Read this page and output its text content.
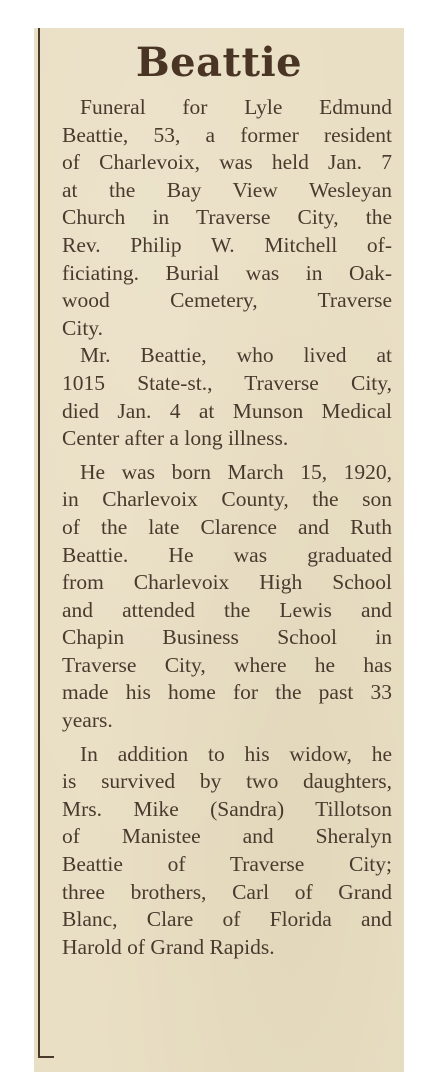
Beattie
Funeral for Lyle Edmund
Beattie, 53, a former resident
of Charlevoix, was held Jan. 7
at the Bay View Wesleyan
Church in Traverse City, the
Rev. Philip W. Mitchell of-
ficiating. Burial was in Oak-
wood Cemetery, Traverse
City.
Mr. Beattie, who lived at
1015 State-st., Traverse City,
died Jan. 4 at Munson Medical
Center after a long illness.
He was born March 15, 1920,
in Charlevoix County, the son
of the late Clarence and Ruth
Beattie. He was graduated
from Charlevoix High School
and attended the Lewis and
Chapin Business School in
Traverse City, where he has
made his home for the past 33
years.
In addition to his widow, he
is survived by two daughters,
Mrs. Mike (Sandra) Tillotson
of Manistee and Sheralyn
Beattie of Traverse City;
three brothers, Carl of Grand
Blanc, Clare of Florida and
Harold of Grand Rapids.
